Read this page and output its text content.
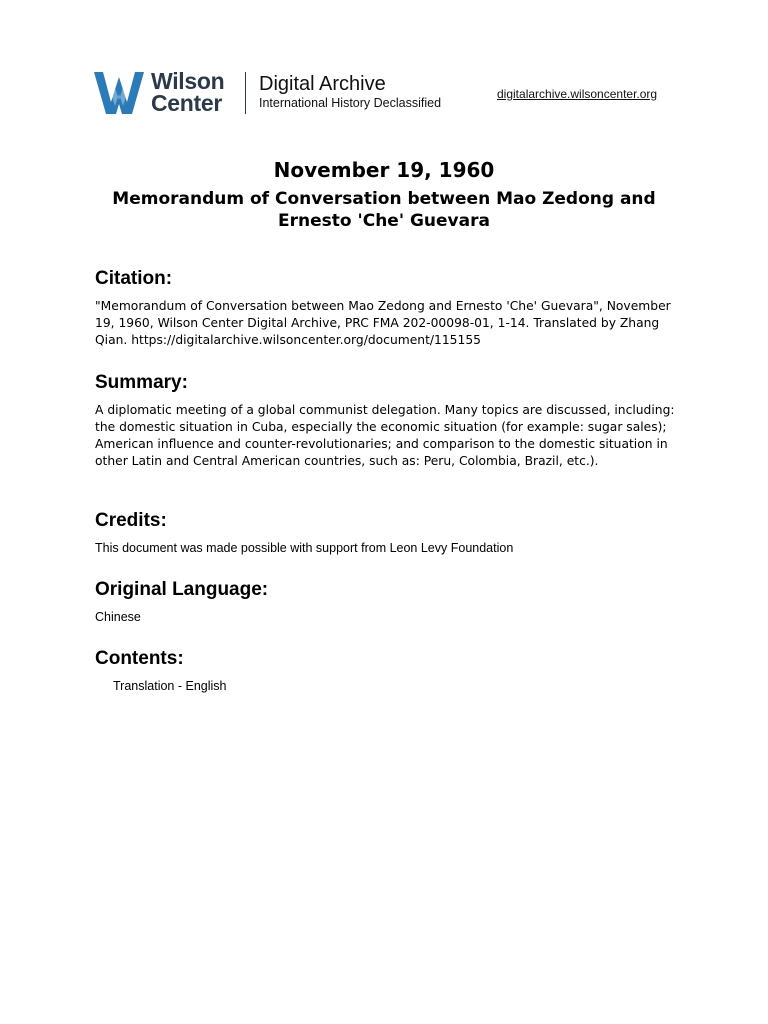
Wilson
Center
Digital Archive
International History Declassified
digitalarchive.wilsoncenter.org
November 19, 1960
Memorandum of Conversation between Mao Zedong and Ernesto 'Che' Guevara
Citation:

"Memorandum of Conversation between Mao Zedong and Ernesto 'Che' Guevara", November 19, 1960, Wilson Center Digital Archive, PRC FMA 202-00098-01, 1-14. Translated by Zhang Qian. https://digitalarchive.wilsoncenter.org/document/115155

Summary:

A diplomatic meeting of a global communist delegation. Many topics are discussed, including: the domestic situation in Cuba, especially the economic situation (for example: sugar sales); American influence and counter-revolutionaries; and comparison to the domestic situation in other Latin and Central American countries, such as: Peru, Colombia, Brazil, etc.).

Credits:

This document was made possible with support from Leon Levy Foundation

Original Language:

Chinese

Contents:

Translation - English
